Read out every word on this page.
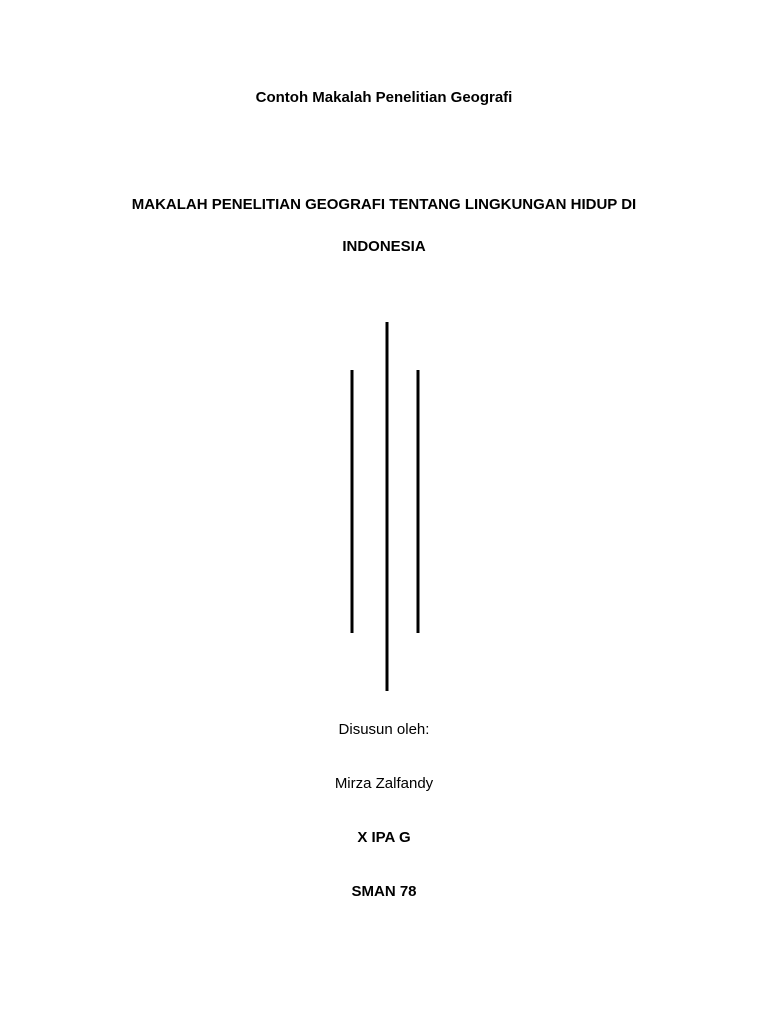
Contoh Makalah Penelitian Geografi
MAKALAH PENELITIAN GEOGRAFI TENTANG LINGKUNGAN HIDUP DI
INDONESIA
Disusun oleh:
Mirza Zalfandy
X IPA G
SMAN 78
